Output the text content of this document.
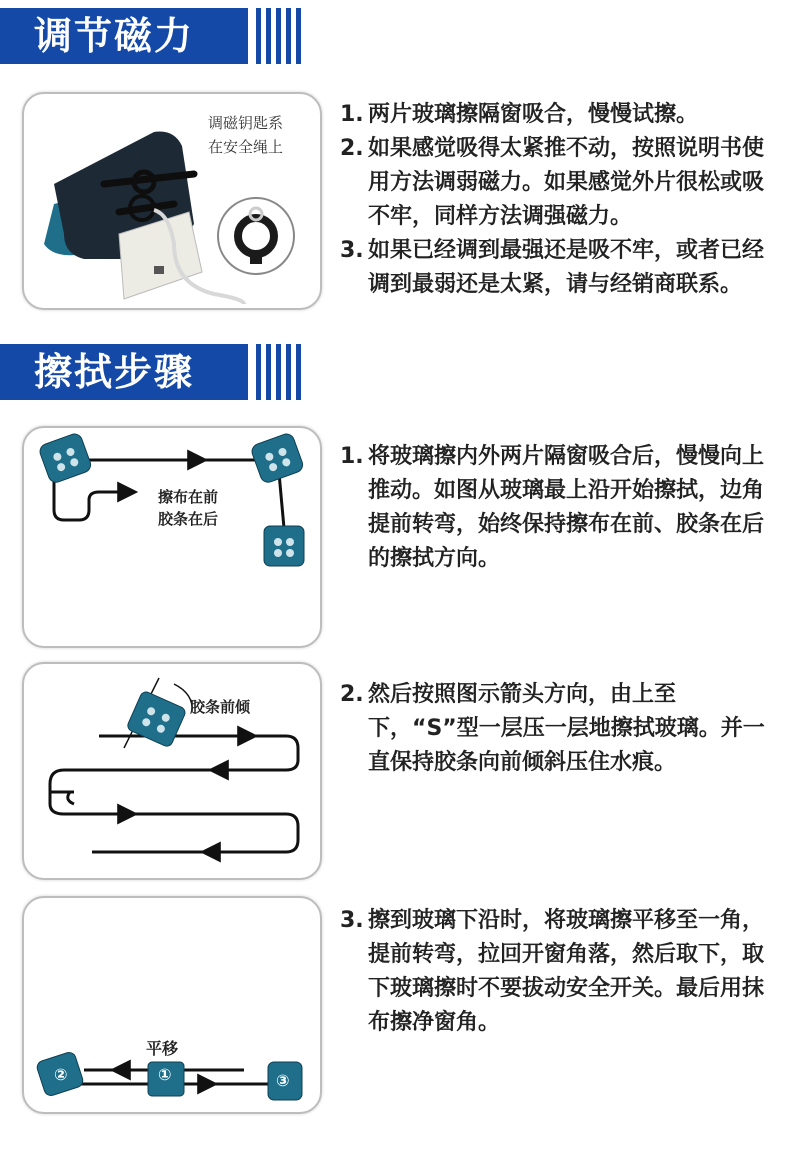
调节磁力
调磁钥匙系
在安全绳上
1. 两片玻璃擦隔窗吸合，慢慢试擦。
2. 如果感觉吸得太紧推不动，按照说明书使用方法调弱磁力。如果感觉外片很松或吸不牢，同样方法调强磁力。
3. 如果已经调到最强还是吸不牢，或者已经调到最弱还是太紧，请与经销商联系。
擦拭步骤
擦布在前
胶条在后
1. 将玻璃擦内外两片隔窗吸合后，慢慢向上推动。如图从玻璃最上沿开始擦拭，边角提前转弯，始终保持擦布在前、胶条在后的擦拭方向。
胶条前倾	2. 然后按照图示箭头方向，由上至下，“S”型一层压一层地擦拭玻璃。并一直保持胶条向前倾斜压住水痕。
平移
②	①	③
3. 擦到玻璃下沿时，将玻璃擦平移至一角，提前转弯，拉回开窗角落，然后取下，取下玻璃擦时不要拔动安全开关。最后用抹布擦净窗角。
